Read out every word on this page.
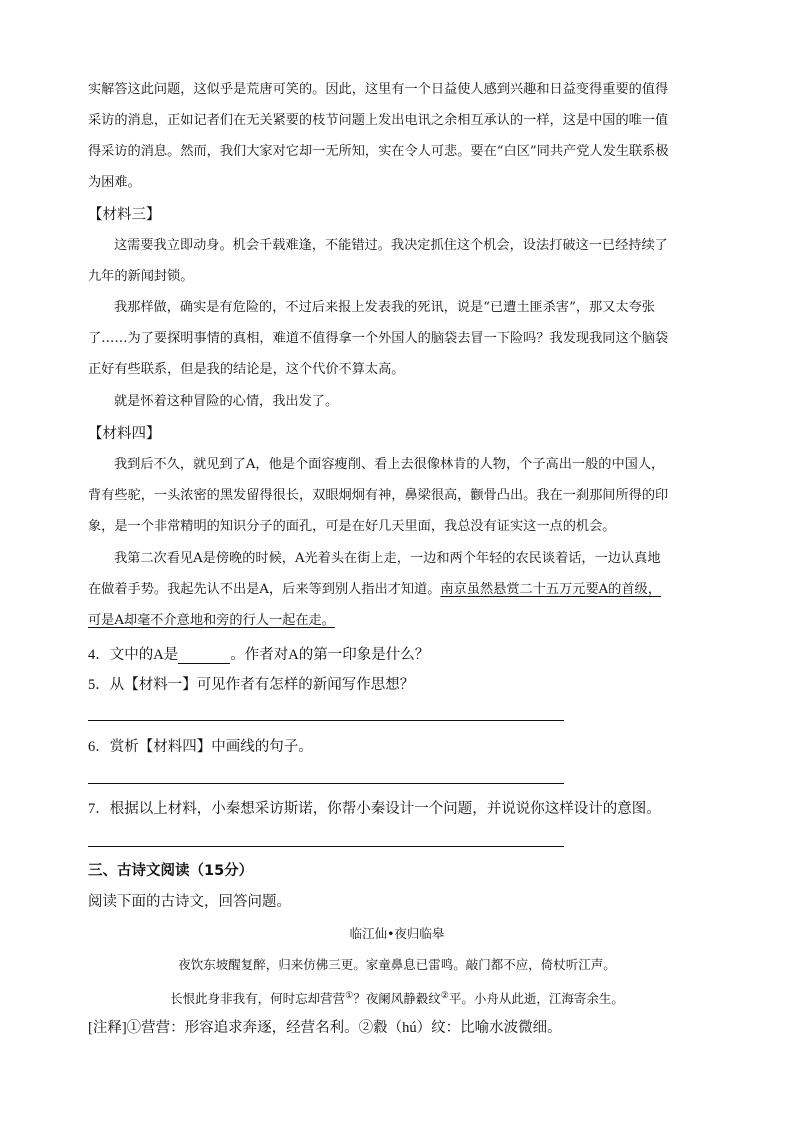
实解答这此问题，这似乎是荒唐可笑的。因此，这里有一个日益使人感到兴趣和日益变得重要的值得
采访的消息，正如记者们在无关紧要的枝节问题上发出电讯之余相互承认的一样，这是中国的唯一值
得采访的消息。然而，我们大家对它却一无所知，实在令人可悲。要在“白区”同共产党人发生联系极
为困难。
【材料三】
这需要我立即动身。机会千载难逢，不能错过。我决定抓住这个机会，设法打破这一已经持续了
九年的新闻封锁。
我那样做，确实是有危险的，不过后来报上发表我的死讯，说是“已遭土匪杀害”，那又太夸张
了……为了要探明事情的真相，难道不值得拿一个外国人的脑袋去冒一下险吗？我发现我同这个脑袋
正好有些联系，但是我的结论是，这个代价不算太高。
就是怀着这种冒险的心情，我出发了。
【材料四】
我到后不久，就见到了A，他是个面容瘦削、看上去很像林肯的人物，个子高出一般的中国人，
背有些驼，一头浓密的黑发留得很长，双眼炯炯有神，鼻梁很高，颧骨凸出。我在一刹那间所得的印
象，是一个非常精明的知识分子的面孔，可是在好几天里面，我总没有证实这一点的机会。
我第二次看见A是傍晚的时候，A光着头在街上走，一边和两个年轻的农民谈着话，一边认真地
在做着手势。我起先认不出是A，后来等到别人指出才知道。南京虽然悬赏二十五万元要A的首级，
可是A却毫不介意地和旁的行人一起在走。
4．文中的A是	。作者对A的第一印象是什么？
5．从【材料一】可见作者有怎样的新闻写作思想？
6．赏析【材料四】中画线的句子。
7．根据以上材料，小秦想采访斯诺，你帮小秦设计一个问题，并说说你这样设计的意图。
三、古诗文阅读（15分）
阅读下面的古诗文，回答问题。
临江仙•夜归临皋
夜饮东坡醒复醉，归来仿佛三更。家童鼻息已雷鸣。敲门都不应，倚杖听江声。
长恨此身非我有，何时忘却营营①？夜阑风静縠纹②平。小舟从此逝，江海寄余生。
[注释]①营营：形容追求奔逐，经营名利。②縠（hú）纹：比喻水波微细。
